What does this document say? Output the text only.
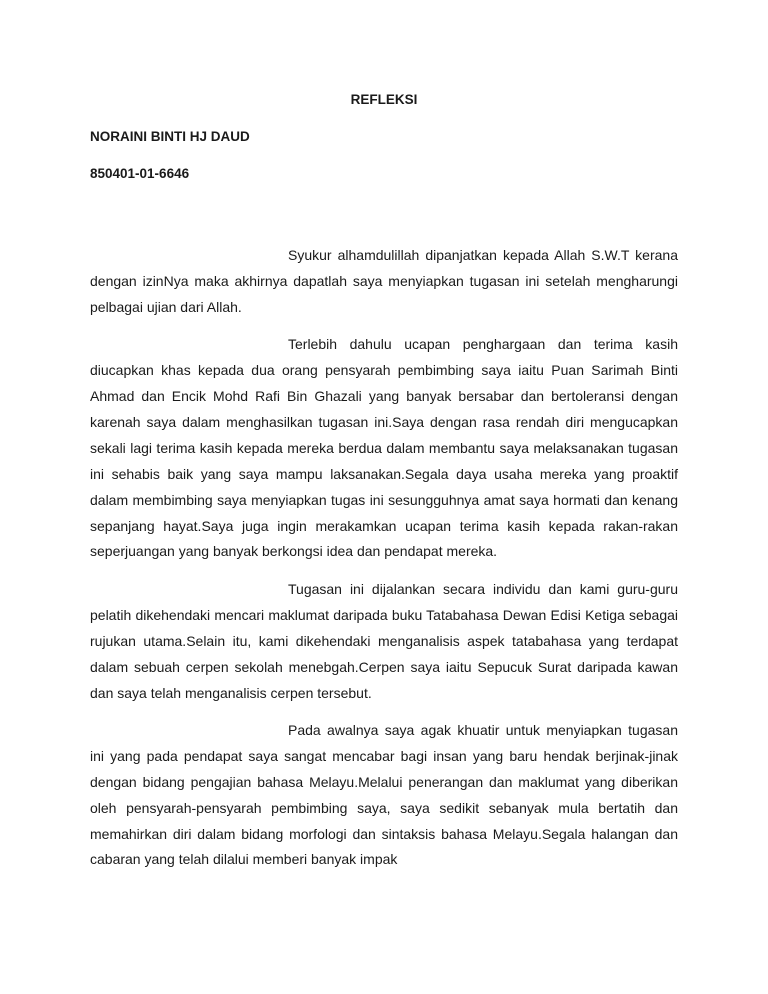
REFLEKSI
NORAINI BINTI HJ DAUD
850401-01-6646

Syukur alhamdulillah dipanjatkan kepada Allah S.W.T kerana dengan izinNya maka akhirnya dapatlah saya menyiapkan tugasan ini setelah mengharungi pelbagai ujian dari Allah.

Terlebih dahulu ucapan penghargaan dan terima kasih diucapkan khas kepada dua orang pensyarah pembimbing saya iaitu Puan Sarimah Binti Ahmad dan Encik Mohd Rafi Bin Ghazali yang banyak bersabar dan bertoleransi dengan karenah saya dalam menghasilkan tugasan ini.Saya dengan rasa rendah diri mengucapkan sekali lagi terima kasih kepada mereka berdua dalam membantu saya melaksanakan tugasan ini sehabis baik yang saya mampu laksanakan.Segala daya usaha mereka yang proaktif dalam membimbing saya menyiapkan tugas ini sesungguhnya amat saya hormati dan kenang sepanjang hayat.Saya juga ingin merakamkan ucapan terima kasih kepada rakan-rakan seperjuangan yang banyak berkongsi idea dan pendapat mereka.

Tugasan ini dijalankan secara individu dan kami guru-guru pelatih dikehendaki mencari maklumat daripada buku Tatabahasa Dewan Edisi Ketiga sebagai rujukan utama.Selain itu, kami dikehendaki menganalisis aspek tatabahasa yang terdapat dalam sebuah cerpen sekolah menebgah.Cerpen saya iaitu Sepucuk Surat daripada kawan dan saya telah menganalisis cerpen tersebut.

Pada awalnya saya agak khuatir untuk menyiapkan tugasan ini yang pada pendapat saya sangat mencabar bagi insan yang baru hendak berjinak-jinak dengan bidang pengajian bahasa Melayu.Melalui penerangan dan maklumat yang diberikan oleh pensyarah-pensyarah pembimbing saya, saya sedikit sebanyak mula bertatih dan memahirkan diri dalam bidang morfologi dan sintaksis bahasa Melayu.Segala halangan dan cabaran yang telah dilalui memberi banyak impak
